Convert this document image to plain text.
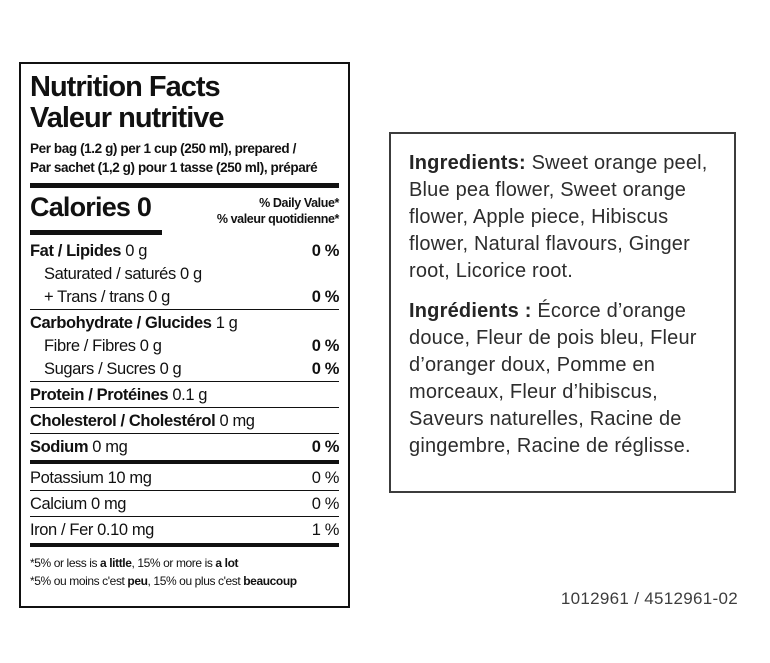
Nutrition Facts
Valeur nutritive
Per bag (1.2 g) per 1 cup (250 ml), prepared /
Par sachet (1,2 g) pour 1 tasse (250 ml), préparé
Calories 0	% Daily Value*
% valeur quotidienne*
Fat / Lipides 0 g	0 %
Saturated / saturés 0 g
+ Trans / trans 0 g	0 %
Carbohydrate / Glucides 1 g
Fibre / Fibres 0 g	0 %
Sugars / Sucres 0 g	0 %
Protein / Protéines 0.1 g
Cholesterol / Cholestérol 0 mg
Sodium 0 mg	0 %
Potassium 10 mg	0 %
Calcium 0 mg	0 %
Iron / Fer 0.10 mg	1 %
*5% or less is a little, 15% or more is a lot
*5% ou moins c'est peu, 15% ou plus c'est beaucoup

Ingredients: Sweet orange peel, Blue pea flower, Sweet orange flower, Apple piece, Hibiscus flower, Natural flavours, Ginger root, Licorice root.

Ingrédients : Écorce d’orange douce, Fleur de pois bleu, Fleur d’oranger doux, Pomme en morceaux, Fleur d’hibiscus, Saveurs naturelles, Racine de gingembre, Racine de réglisse.

1012961 / 4512961-02
